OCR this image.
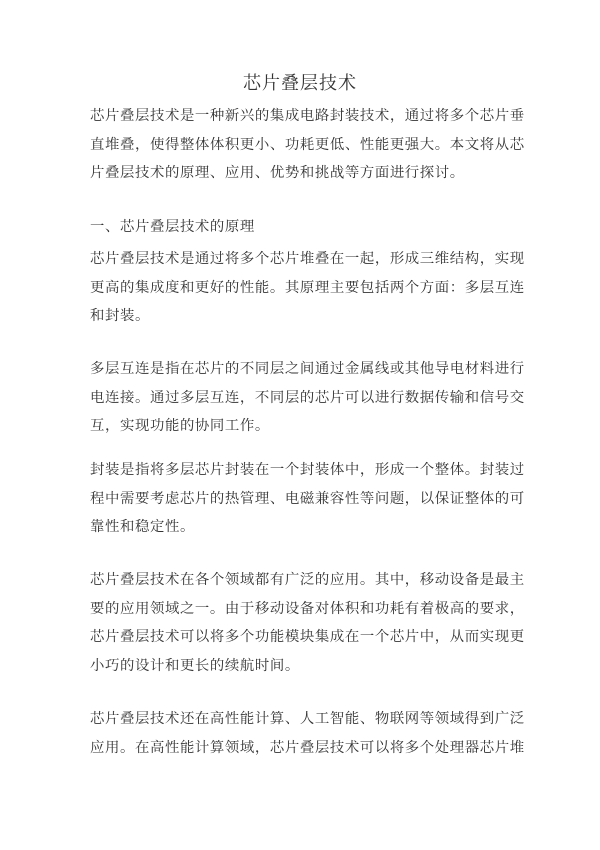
芯片叠层技术
芯片叠层技术是一种新兴的集成电路封装技术，通过将多个芯片垂
直堆叠，使得整体体积更小、功耗更低、性能更强大。本文将从芯
片叠层技术的原理、应用、优势和挑战等方面进行探讨。
一、芯片叠层技术的原理
芯片叠层技术是通过将多个芯片堆叠在一起，形成三维结构，实现
更高的集成度和更好的性能。其原理主要包括两个方面：多层互连
和封装。
多层互连是指在芯片的不同层之间通过金属线或其他导电材料进行
电连接。通过多层互连，不同层的芯片可以进行数据传输和信号交
互，实现功能的协同工作。
封装是指将多层芯片封装在一个封装体中，形成一个整体。封装过
程中需要考虑芯片的热管理、电磁兼容性等问题，以保证整体的可
靠性和稳定性。
芯片叠层技术在各个领域都有广泛的应用。其中，移动设备是最主
要的应用领域之一。由于移动设备对体积和功耗有着极高的要求，
芯片叠层技术可以将多个功能模块集成在一个芯片中，从而实现更
小巧的设计和更长的续航时间。
芯片叠层技术还在高性能计算、人工智能、物联网等领域得到广泛
应用。在高性能计算领域，芯片叠层技术可以将多个处理器芯片堆
